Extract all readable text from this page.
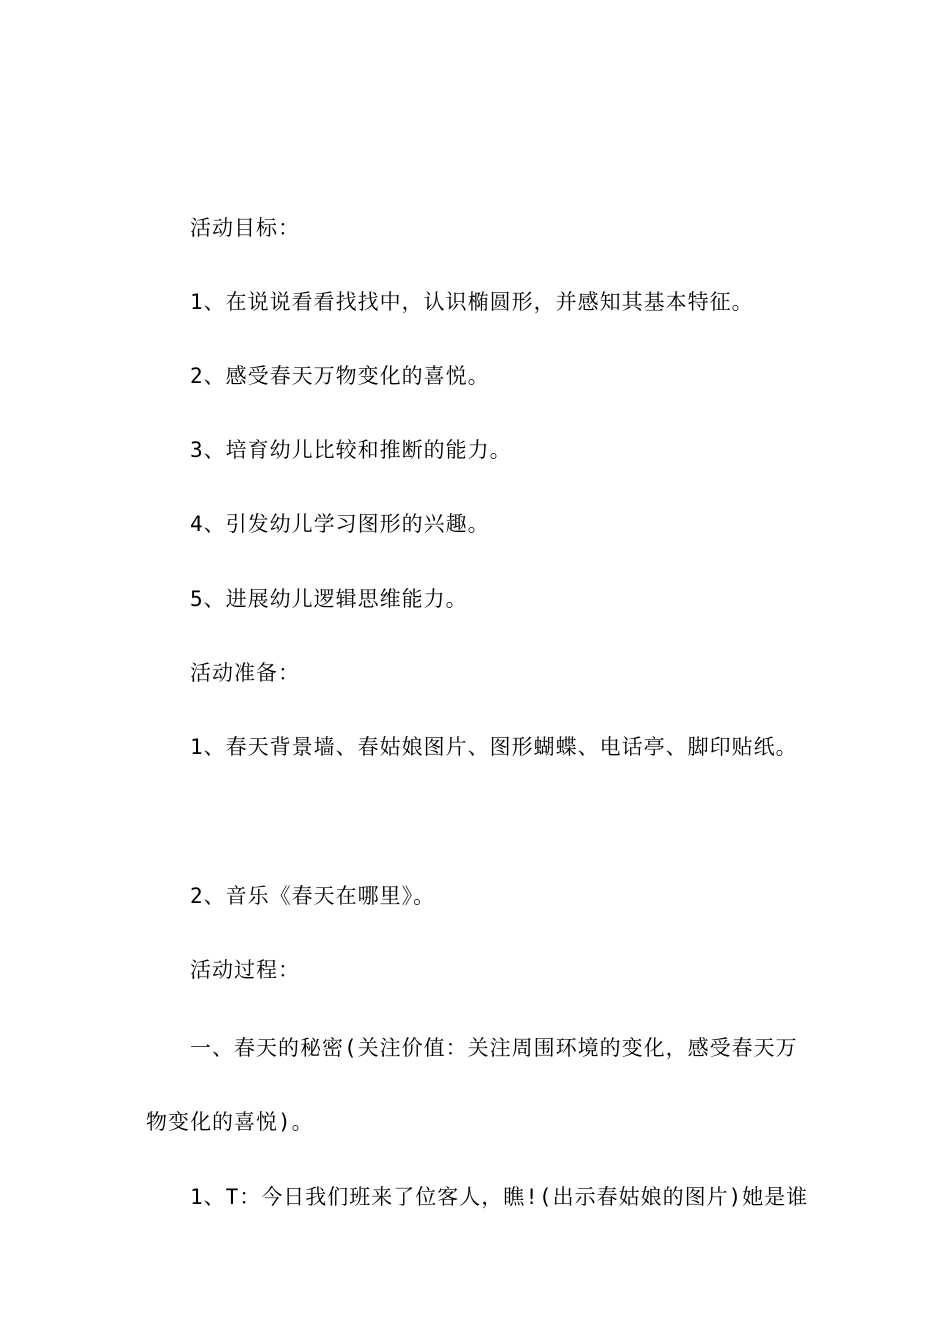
活动目标：
1、在说说看看找找中，认识椭圆形，并感知其基本特征。
2、感受春天万物变化的喜悦。
3、培育幼儿比较和推断的能力。
4、引发幼儿学习图形的兴趣。
5、进展幼儿逻辑思维能力。
活动准备：
1、春天背景墙、春姑娘图片、图形蝴蝶、电话亭、脚印贴纸。
2、音乐《春天在哪里》。
活动过程：
一、春天的秘密(关注价值：关注周围环境的变化，感受春天万
物变化的喜悦)。
1、T：今日我们班来了位客人，瞧!(出示春姑娘的图片)她是谁
